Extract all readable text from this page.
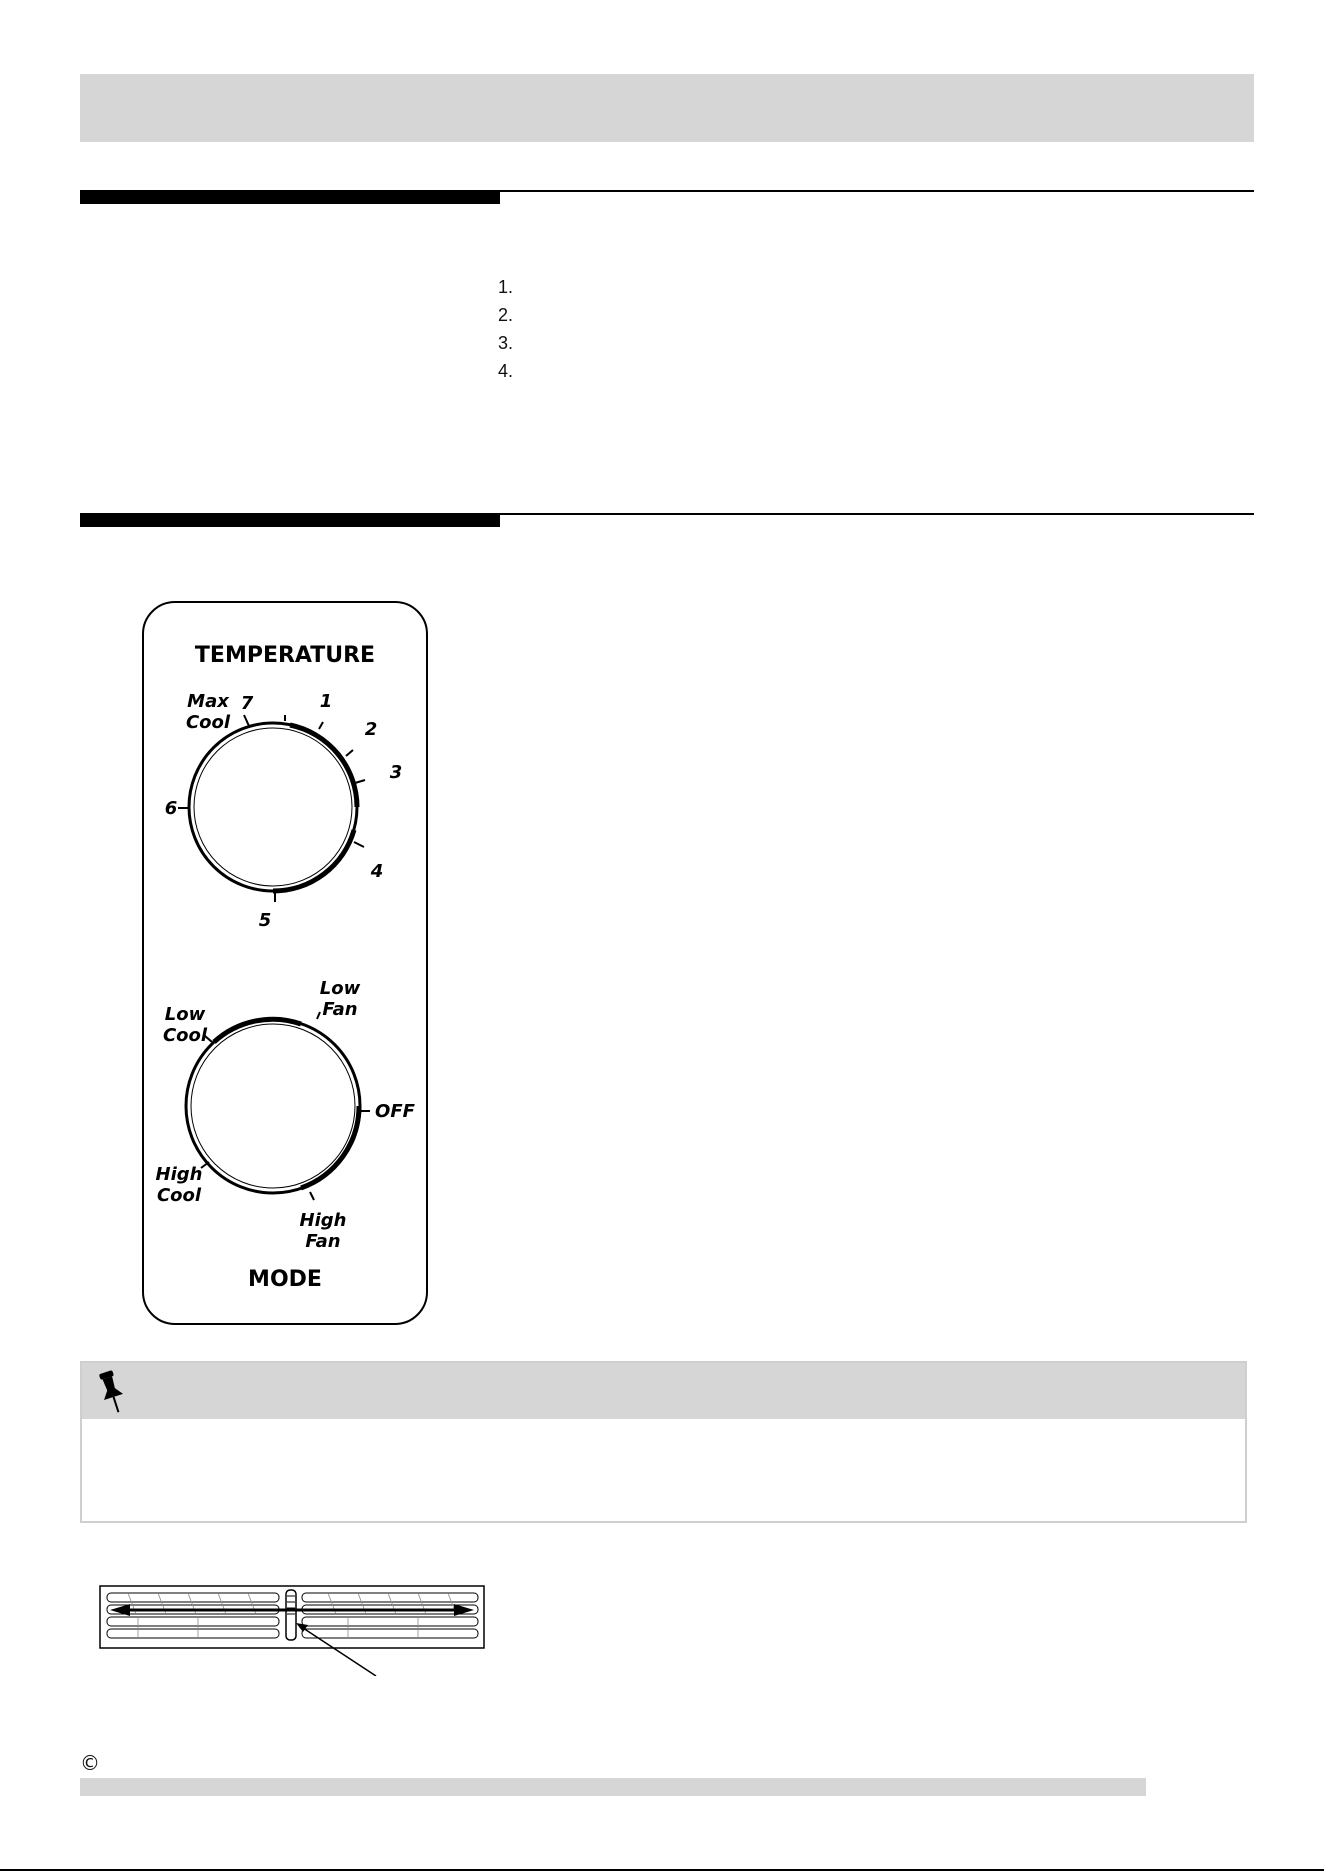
1.
2.
3.
4.
TEMPERATURE
Max
Cool
7	1
2
3
4
5
6
Low
Fan
Low
Cool
OFF
High
Cool
High
Fan
MODE
©
